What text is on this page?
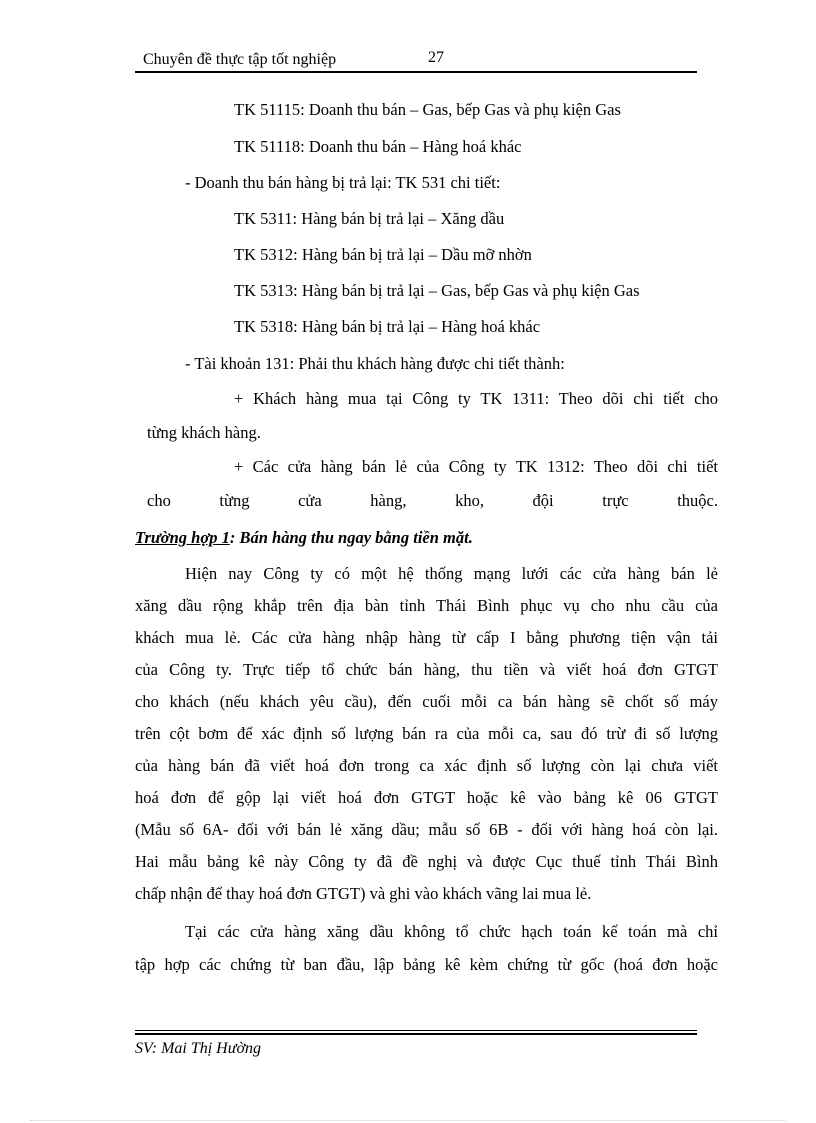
Chuyên đề thực tập tốt nghiệp	27
TK 51115: Doanh thu bán – Gas, bếp Gas và phụ kiện Gas
TK 51118: Doanh thu bán – Hàng hoá khác
- Doanh thu bán hàng bị trả lại: TK 531 chi tiết:
TK 5311: Hàng bán bị trả lại – Xăng dầu
TK 5312: Hàng bán bị trả lại – Dầu mỡ nhờn
TK 5313: Hàng bán bị trả lại – Gas, bếp Gas và phụ kiện Gas
TK 5318: Hàng bán bị trả lại – Hàng hoá khác
- Tài khoản 131: Phải thu khách hàng được chi tiết thành:
+ Khách hàng mua tại Công ty TK 1311: Theo dõi chi tiết cho
từng khách hàng.
+ Các cửa hàng bán lẻ của Công ty TK 1312: Theo dõi chi tiết
cho từng cửa hàng, kho, đội trực thuộc.
Trường hợp 1: Bán hàng thu ngay bằng tiền mặt.
Hiện nay Công ty có một hệ thống mạng lưới các cửa hàng bán lẻ
xăng dầu rộng khắp trên địa bàn tỉnh Thái Bình phục vụ cho nhu cầu của
khách mua lẻ. Các cửa hàng nhập hàng từ cấp I bằng phương tiện vận tải
của Công ty. Trực tiếp tổ chức bán hàng, thu tiền và viết hoá đơn GTGT
cho khách (nếu khách yêu cầu), đến cuối mỗi ca bán hàng sẽ chốt số máy
trên cột bơm để xác định số lượng bán ra của mỗi ca, sau đó trừ đi số lượng
của hàng bán đã viết hoá đơn trong ca xác định số lượng còn lại chưa viết
hoá đơn để gộp lại viết hoá đơn GTGT hoặc kê vào bảng kê 06 GTGT
(Mẫu số 6A- đối với bán lẻ xăng dầu; mẫu số 6B - đối với hàng hoá còn lại.
Hai mẫu bảng kê này Công ty đã đề nghị và được Cục thuế tỉnh Thái Bình
chấp nhận để thay hoá đơn GTGT) và ghi vào khách vãng lai mua lẻ.
Tại các cửa hàng xăng dầu không tổ chức hạch toán kế toán mà chỉ
tập hợp các chứng từ ban đầu, lập bảng kê kèm chứng từ gốc (hoá đơn hoặc
SV: Mai Thị Hường
